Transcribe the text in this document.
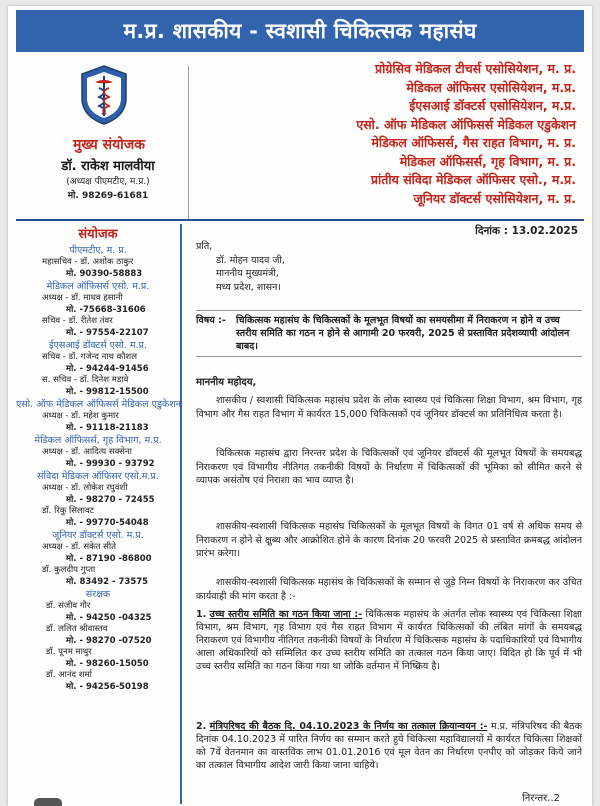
म.प्र. शासकीय - स्वशासी चिकित्सक महासंघ
मुख्य संयोजक
डॉ. राकेश मालवीया
(अध्यक्ष पीएमटीए, म.प्र.)
मो. 98269-61681
प्रोग्रेसिव मेडिकल टीचर्स एसोसियेशन, म. प्र.
मेडिकल ऑफिसर एसोसियेशन, म.प्र.
ईएसआई डॉक्टर्स एसोसियेशन, म.प्र.
एसो. ऑफ मेडिकल ऑफिसर्स मेडिकल एडुकेशन
मेडिकल ऑफिसर्स, गैस राहत विभाग, म. प्र.
मेडिकल ऑफिसर्स, गृह विभाग, म. प्र.
प्रांतीय संविदा मेडिकल ऑफिसर एसो., म.प्र.
जूनियर डॉक्टर्स एसोसियेशन, म. प्र.
संयोजक
पीएमटीए, म. प्र.
महासचिव - डॉ. अशोक ठाकुर
मो. 90390-58883
मेडिकल ऑफिसर्स एसो. म.प्र.
अध्यक्ष - डॉ. माधव हसानी
मो. -75668-31606
सचिव - डॉ. रीतेश तंवर
मो. - 97554-22107
ईएसआई डॉक्टर्स एसो. म.प्र.
सचिव - डॉ. गजेन्द नाथ कौशल
मो. - 94244-91456
स. सचिव - डॉ. दिनेश मडावे
मो. - 99812-15500
एसो. ऑफ मेडिकल ऑफिसर्स मेडिकल एडुकेशन
अध्यक्ष - डॉ. महेश कुमार
मो. - 91118-21183
मेडिकल ऑफिसर्स, गृह विभाग, म.प्र.
अध्यक्ष - डॉ. आदित्य सक्सेना
मो. - 99930 - 93792
संविदा मेडिकल ऑफिसर एसो.म.प्र.
अध्यक्ष - डॉ. लोकेश रघुवंशी
मो. - 98270 - 72455
डॉ. रिंकु सिलावट
मो. - 99770-54048
जूनियर डॉक्टर्स एसो. म.प्र.
अध्यक्ष - डॉ. संकेत सीते
मो. - 87190 -86800
डॉ. कुलदीप गुप्ता
मो. 83492 - 73575
संरक्षक
डॉ. संजीव गौर
मो. - 94250 -04325
डॉ. ललित श्रीवास्तव
मो. - 98270 -07520
डॉ. पूनम माथुर
मो. - 98260-15050
डॉ. आनंद शर्मा
मो. - 94256-50198
दिनांक : 13.02.2025
प्रति,
डॉ. मोहन यादव जी,
माननीय मुख्यमंत्री,
मध्य प्रदेश, शासन।
विषय :-	चिकित्सक महासंघ के चिकित्सकों के मूलभूत विषयों का समयसीमा में निराकरण न होने व उच्च स्तरीय समिति का गठन न होने से आगामी 20 फरवरी, 2025 से प्रस्तावित प्रदेशव्यापी आंदोलन बाबद।
माननीय महोदय,
शासकीय / स्वशासी चिकित्सक महासंघ प्रदेश के लोक स्वास्थ्य एवं चिकित्सा शिक्षा विभाग, श्रम विभाग, गृह विभाग और गैस राहत विभाग में कार्यरत 15,000 चिकित्सकों एवं जूनियर डॉक्टर्स का प्रतिनिधित्व करता है।
चिकित्सक महासंघ द्वारा निरन्तर प्रदेश के चिकित्सकों एवं जूनियर डॉक्टर्स की मूलभूत विषयों के समयबद्ध निराकरण एवं विभागीय नीतिगत तकनीकी विषयों के निर्धारण में चिकित्सकों की भूमिका को सीमित करने से व्यापक असंतोष एवं निराशा का भाव व्याप्त है।
शासकीय-स्वशासी चिकित्सक महासंघ चिकित्सकों के मूलभूत विषयों के विगत 01 वर्ष से अधिक समय से निराकरण न होने से क्षुब्ध और आक्रोशित होने के कारण दिनांक 20 फरवरी 2025 से प्रस्तावित क्रमबद्ध आंदोलन प्रारंभ करेगा।
शासकीय-स्वशासी चिकित्सक महासंघ के चिकित्सकों के सम्मान से जुड़े निम्न विषयों के निराकरण कर उचित कार्यवाही की मांग करता है :-
1. उच्च स्तरीय समिति का गठन किया जाना :- चिकित्सक महासंघ के अंतर्गत लोक स्वास्थ्य एवं चिकित्सा शिक्षा विभाग, श्रम विभाग, गृह विभाग एवं गैस राहत विभाग में कार्यरत चिकित्सकों की लंबित मांगों के समयबद्ध निराकरण एवं विभागीय नीतिगत तकनीकी विषयों के निर्धारण में चिकित्सक महासंघ के पदाधिकारियों एवं विभागीय आला अधिकारियों को सम्मिलित कर उच्च स्तरीय समिति का तत्काल गठन किया जाए। विदित हो कि पूर्व में भी उच्च स्तरीय समिति का गठन किया गया था जोकि वर्तमान में निष्क्रिय है।
2. मंत्रिपरिषद की बैठक दि. 04.10.2023 के निर्णय का तत्काल क्रियान्वयन :- म.प्र. मंत्रिपरिषद की बैठक दिनांक 04.10.2023 में पारित निर्णय का सम्मान करते हुये चिकित्सा महाविद्यालयों में कार्यरत चिकित्सा शिक्षकों को 7वें वेतनमान का वास्तविक लाभ 01.01.2016 एवं मूल वेतन का निर्धारण एनपीए को जोड़कर किये जाने का तत्काल विभागीय आदेश जारी किया जाना चाहिये।
निरन्तर..2
